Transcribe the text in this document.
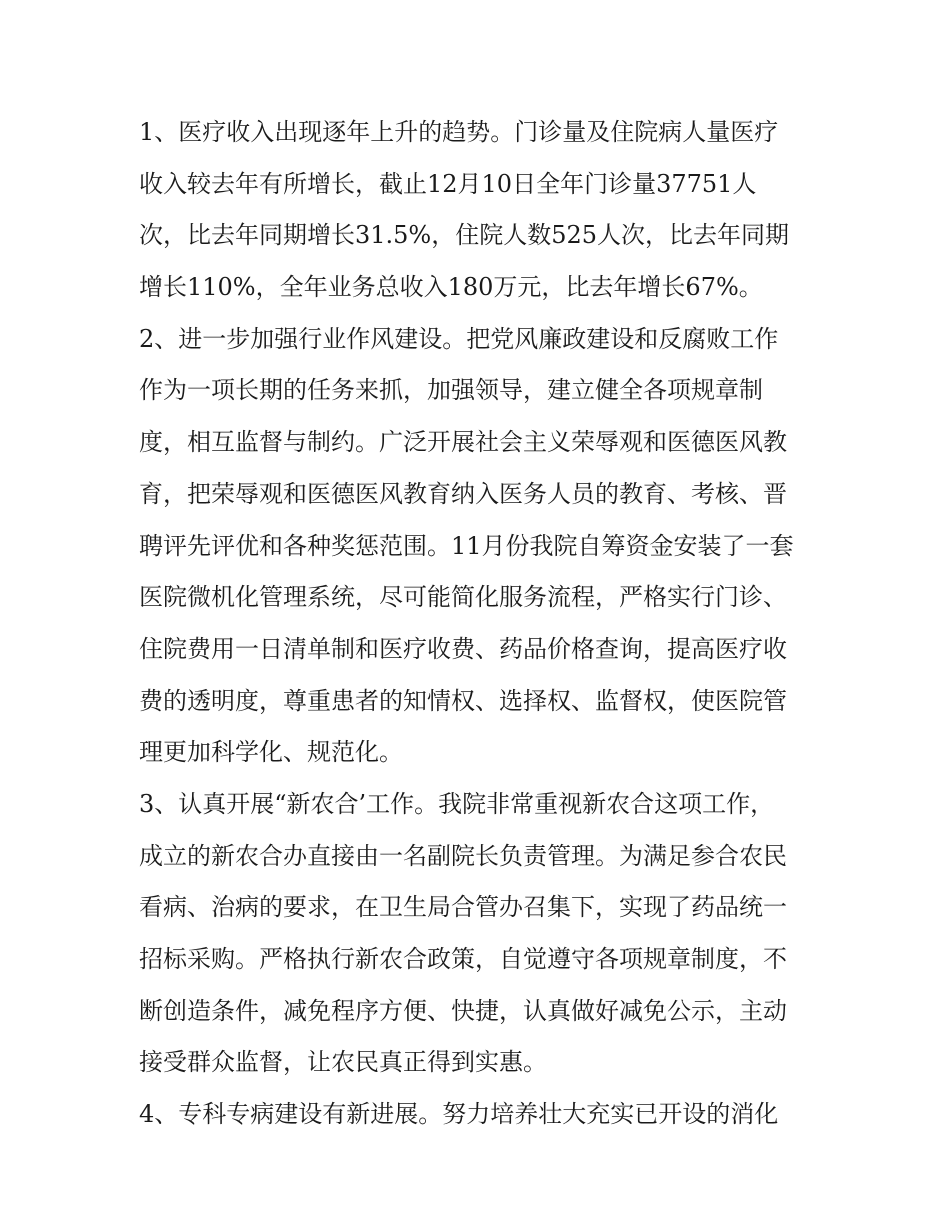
1、医疗收入出现逐年上升的趋势。门诊量及住院病人量医疗
收入较去年有所增长，截止12月10日全年门诊量37751人
次，比去年同期增长31.5%，住院人数525人次，比去年同期
增长110%，全年业务总收入180万元，比去年增长67%。
2、进一步加强行业作风建设。把党风廉政建设和反腐败工作
作为一项长期的任务来抓，加强领导，建立健全各项规章制
度，相互监督与制约。广泛开展社会主义荣辱观和医德医风教
育，把荣辱观和医德医风教育纳入医务人员的教育、考核、晋
聘评先评优和各种奖惩范围。11月份我院自筹资金安装了一套
医院微机化管理系统，尽可能简化服务流程，严格实行门诊、
住院费用一日清单制和医疗收费、药品价格查询，提高医疗收
费的透明度，尊重患者的知情权、选择权、监督权，使医院管
理更加科学化、规范化。
3、认真开展“新农合’工作。我院非常重视新农合这项工作，
成立的新农合办直接由一名副院长负责管理。为满足参合农民
看病、治病的要求，在卫生局合管办召集下，实现了药品统一
招标采购。严格执行新农合政策，自觉遵守各项规章制度，不
断创造条件，减免程序方便、快捷，认真做好减免公示，主动
接受群众监督，让农民真正得到实惠。
4、专科专病建设有新进展。努力培养壮大充实已开设的消化
